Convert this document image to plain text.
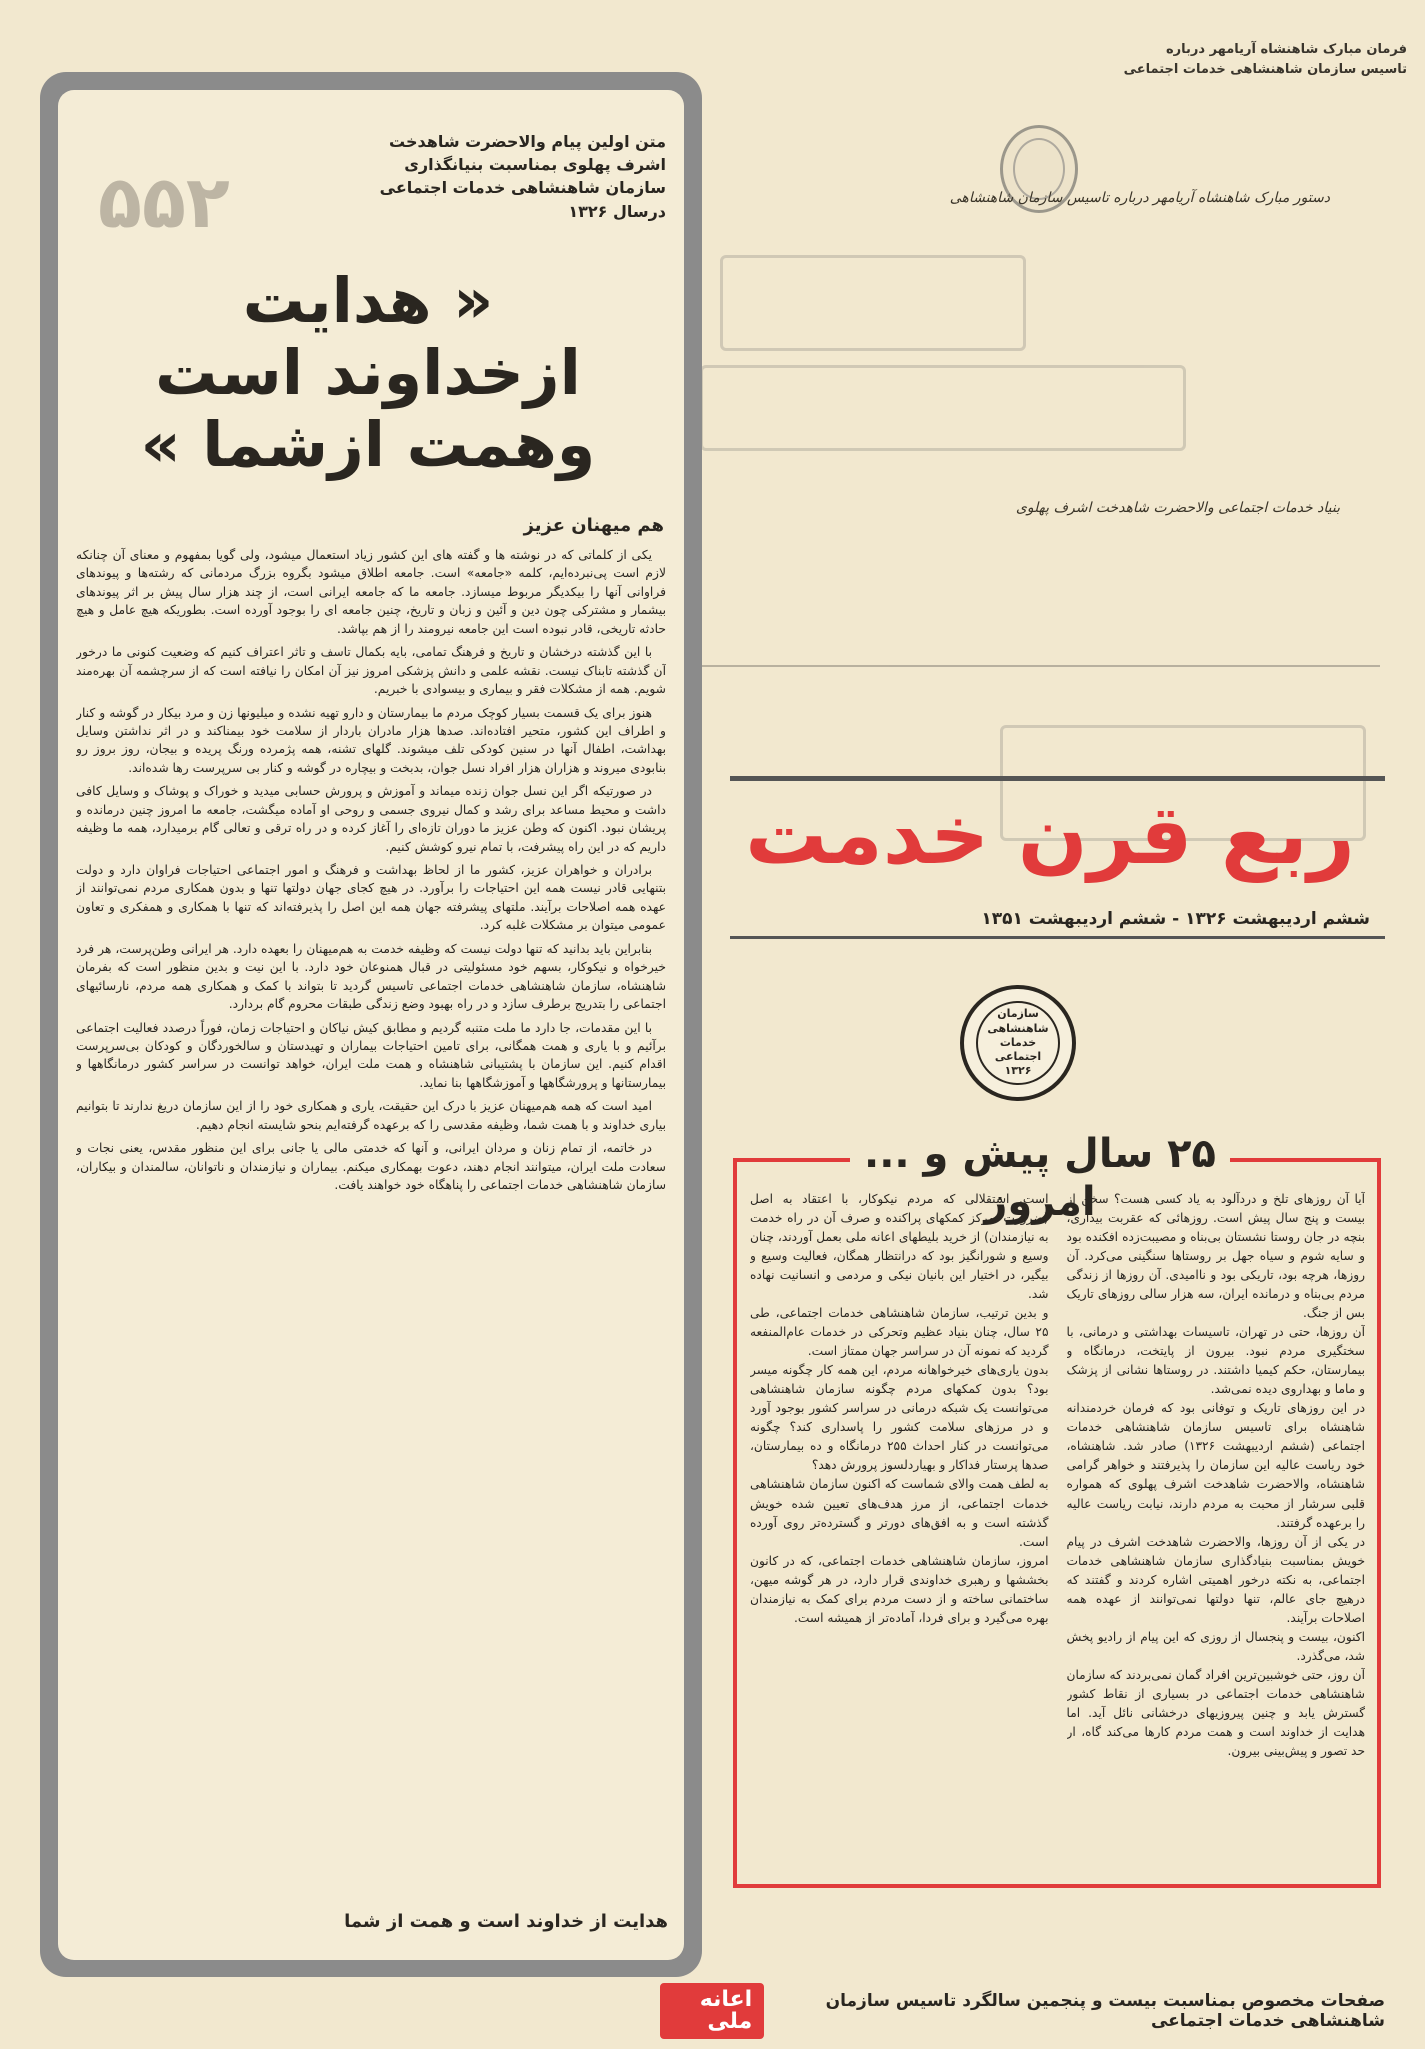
فرمان مبارک شاهنشاه آریامهر درباره
تاسیس سازمان شاهنشاهی خدمات اجتماعی
دستور مبارک شاهنشاه آریامهر درباره تاسیس سازمان شاهنشاهی
بنیاد خدمات اجتماعی والاحضرت شاهدخت اشرف پهلوی
ربع قرن خدمت
ششم اردیبهشت ۱۳۲۶ - ششم اردیبهشت ۱۳۵۱
سازمان شاهنشاهی
خدمات اجتماعی
۱۳۲۶
۲۵ سال پیش و ... امروز	آیا آن روزهای تلخ و دردآلود به یاد کسی هست؟ سخن از بیست و پنج سال پیش است. روزهائی که عقربت بیداری، بنچه در جان روستا نشستان بی‌بناه و مصیبت‌زده افکنده بود و سایه شوم و سیاه جهل بر روستاها سنگینی می‌کرد. آن روزها، هرچه بود، تاریکی بود و ناامیدی. آن روزها از زندگی مردم بی‌بناه و درمانده ایران، سه هزار سالی روزهای تاریک بس از جنگ.
آن روزها، حتی در تهران، تاسیسات بهداشتی و درمانی، با سختگیری مردم نبود. بیرون از پایتخت، درمانگاه و بیمارستان، حکم کیمیا داشتند. در روستاها نشانی از پزشک و ماما و بهداروی دیده نمی‌شد.
در این روزهای تاریک و توفانی بود که فرمان خردمندانه شاهنشاه برای تاسیس سازمان شاهنشاهی خدمات اجتماعی (ششم اردیبهشت ۱۳۲۶) صادر شد. شاهنشاه، خود ریاست عالیه این سازمان را پذیرفتند و خواهر گرامی شاهنشاه، والاحضرت شاهدخت اشرف پهلوی که همواره قلبی سرشار از محبت به مردم دارند، نیابت ریاست عالیه را برعهده گرفتند.
در یکی از آن روزها، والاحضرت شاهدخت اشرف در پیام خویش بمناسبت بنیادگذاری سازمان شاهنشاهی خدمات اجتماعی، به نکته درخور اهمیتی اشاره کردند و گفتند که درهیچ جای عالم، تنها دولتها نمی‌توانند از عهده همه اصلاحات برآیند.
اکنون، بیست و پنجسال از روزی که این پیام از رادیو پخش شد، می‌گذرد.
آن روز، حتی خوشبین‌ترین افراد گمان نمی‌بردند که سازمان شاهنشاهی خدمات اجتماعی در بسیاری از نقاط کشور گسترش یابد و چنین پیروزیهای درخشانی نائل آید. اما هدایت از خداوند است و همت مردم کارها می‌کند گاه، ار حد تصور و پیش‌بینی بیرون.
است. استقلالی که مردم نیکوکار، با اعتقاد به اصل (ضرورت تمرکز کمکهای پراکنده و صرف آن در راه خدمت به نیازمندان) از خرید بلیطهای اعانه ملی بعمل آوردند، چنان وسیع و شورانگیز بود که درانتظار همگان، فعالیت وسیع و بیگیر، در اختیار این بانیان نیکی و مردمی و انسانیت نهاده شد.
و بدین ترتیب، سازمان شاهنشاهی خدمات اجتماعی، طی ۲۵ سال، چنان بنیاد عظیم وتحرکی در خدمات عام‌المنفعه گردید که نمونه آن در سراسر جهان ممتاز است.
بدون یاری‌های خیرخواهانه مردم، این همه کار چگونه میسر بود؟ بدون کمکهای مردم چگونه سازمان شاهنشاهی می‌توانست یک شبکه درمانی در سراسر کشور بوجود آورد و در مرزهای سلامت کشور را پاسداری کند؟ چگونه می‌توانست در کنار احداث ۲۵۵ درمانگاه و ده بیمارستان، صدها پرستار فداکار و بهیاردلسوز پرورش دهد؟
به لطف همت والای شماست که اکنون سازمان شاهنشاهی خدمات اجتماعی، از مرز هدف‌های تعیین شده خویش گذشته است و به افق‌های دورتر و گسترده‌تر روی آورده است.
امروز، سازمان شاهنشاهی خدمات اجتماعی، که در کانون بخششها و رهبری خداوندی قرار دارد، در هر گوشه میهن، ساختمانی ساخته و از دست مردم برای کمک به نیازمندان بهره می‌گیرد و برای فردا، آماده‌تر از همیشه است.
۵۵۲
متن اولین پیام والاحضرت شاهدخت اشرف پهلوی بمناسبت بنیانگذاری سازمان شاهنشاهی خدمات اجتماعی درسال ۱۳۲۶
« هدایت ازخداوند است وهمت ازشما »
هم میهنان عزیز

یکی از کلماتی که در نوشته ها و گفته های این کشور زیاد استعمال میشود، ولی گویا بمفهوم و معنای آن چنانکه لازم است پی‌نبرده‌ایم، کلمه «جامعه» است. جامعه اطلاق میشود بگروه بزرگ مردمانی که رشته‌ها و پیوندهای فراوانی آنها را بیکدیگر مربوط میسازد. جامعه ما که جامعه ایرانی است، از چند هزار سال پیش بر اثر پیوندهای بیشمار و مشترکی چون دین و آئین و زبان و تاریخ، چنین جامعه ای را بوجود آورده است. بطوریکه هیچ عامل و هیچ حادثه تاریخی، قادر نبوده است این جامعه نیرومند را از هم بپاشد.

با این گذشته درخشان و تاریخ و فرهنگ تمامی، بایه بکمال تاسف و تاثر اعتراف کنیم که وضعیت کنونی ما درخور آن گذشته تابناک نیست. نقشه علمی و دانش پزشکی امروز نیز آن امکان را نیافته است که از سرچشمه آن بهره‌مند شویم. همه از مشکلات فقر و بیماری و بیسوادی با خبریم.

هنوز برای یک قسمت بسیار کوچک مردم ما بیمارستان و دارو تهیه نشده و میلیونها زن و مرد بیکار در گوشه و کنار و اطراف این کشور، متحیر افتاده‌اند. صدها هزار مادران باردار از سلامت خود بیمناکند و در اثر نداشتن وسایل بهداشت، اطفال آنها در سنین کودکی تلف میشوند. گلهای تشنه، همه پژمرده ورنگ پریده و بیجان، روز بروز رو بنابودی میروند و هزاران هزار افراد نسل جوان، بدبخت و بیچاره در گوشه و کنار بی سرپرست رها شده‌اند.

در صورتیکه اگر این نسل جوان زنده میماند و آموزش و پرورش حسابی میدید و خوراک و پوشاک و وسایل کافی داشت و محیط مساعد برای رشد و کمال نیروی جسمی و روحی او آماده میگشت، جامعه ما امروز چنین درمانده و پریشان نبود. اکنون که وطن عزیز ما دوران تازه‌ای را آغاز کرده و در راه ترقی و تعالی گام برمیدارد، همه ما وظیفه داریم که در این راه پیشرفت، با تمام نیرو کوشش کنیم.

برادران و خواهران عزیز، کشور ما از لحاظ بهداشت و فرهنگ و امور اجتماعی احتیاجات فراوان دارد و دولت بتنهایی قادر نیست همه این احتیاجات را برآورد. در هیچ کجای جهان دولتها تنها و بدون همکاری مردم نمی‌توانند از عهده همه اصلاحات برآیند. ملتهای پیشرفته جهان همه این اصل را پذیرفته‌اند که تنها با همکاری و همفکری و تعاون عمومی میتوان بر مشکلات غلبه کرد.

بنابراین باید بدانید که تنها دولت نیست که وظیفه خدمت به هم‌میهنان را بعهده دارد. هر ایرانی وطن‌پرست، هر فرد خیرخواه و نیکوکار، بسهم خود مسئولیتی در قبال همنوعان خود دارد. با این نیت و بدین منظور است که بفرمان شاهنشاه، سازمان شاهنشاهی خدمات اجتماعی تاسیس گردید تا بتواند با کمک و همکاری همه مردم، نارسائیهای اجتماعی را بتدریج برطرف سازد و در راه بهبود وضع زندگی طبقات محروم گام بردارد.

با این مقدمات، جا دارد ما ملت متنبه گردیم و مطابق کیش نیاکان و احتیاجات زمان، فوراً درصدد فعالیت اجتماعی برآئیم و با یاری و همت همگانی، برای تامین احتیاجات بیماران و تهیدستان و سالخوردگان و کودکان بی‌سرپرست اقدام کنیم. این سازمان با پشتیبانی شاهنشاه و همت ملت ایران، خواهد توانست در سراسر کشور درمانگاهها و بیمارستانها و پرورشگاهها و آموزشگاهها بنا نماید.

امید است که همه هم‌میهنان عزیز با درک این حقیقت، یاری و همکاری خود را از این سازمان دریغ ندارند تا بتوانیم بیاری خداوند و با همت شما، وظیفه مقدسی را که برعهده گرفته‌ایم بنحو شایسته انجام دهیم.

در خاتمه، از تمام زنان و مردان ایرانی، و آنها که خدمتی مالی یا جانی برای این منظور مقدس، یعنی نجات و سعادت ملت ایران، میتوانند انجام دهند، دعوت بهمکاری میکنم. بیماران و نیازمندان و ناتوانان، سالمندان و بیکاران، سازمان شاهنشاهی خدمات اجتماعی را پناهگاه خود خواهند یافت.

هدایت از خداوند است و همت از شما
صفحات مخصوص بمناسبت بیست و پنجمین سالگرد تاسیس سازمان شاهنشاهی خدمات اجتماعی
اعانه ملی
